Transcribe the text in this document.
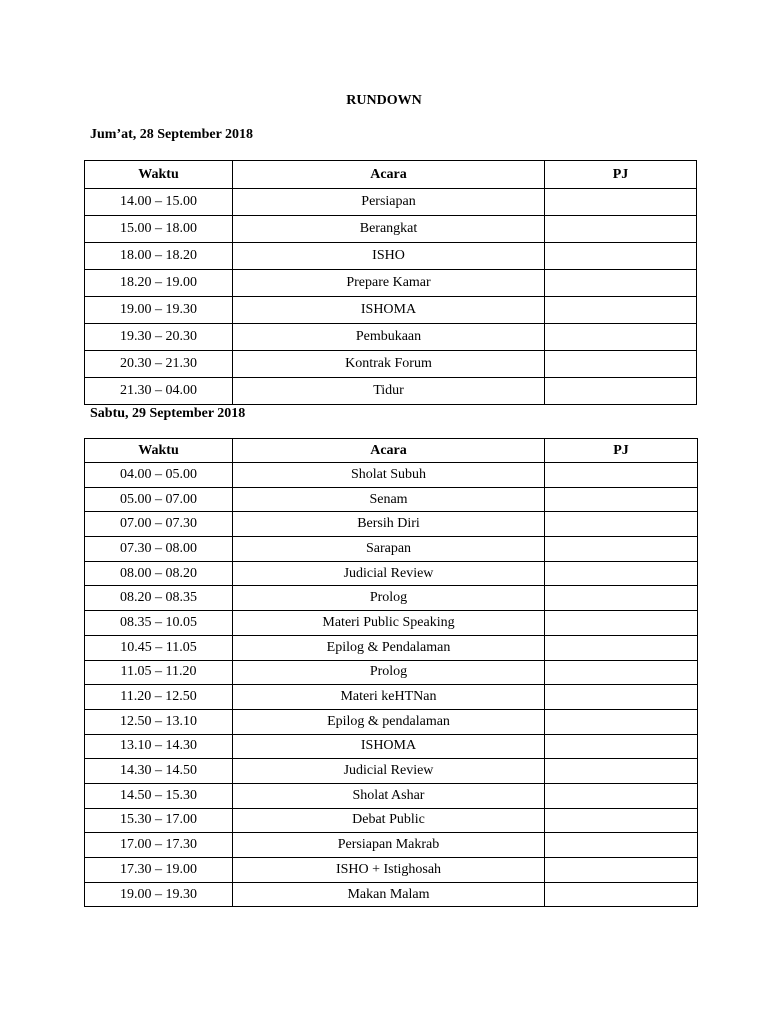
RUNDOWN
Jum’at, 28 September 2018
Waktu	Acara	PJ
14.00 – 15.00	Persiapan	
15.00 – 18.00	Berangkat	
18.00 – 18.20	ISHO	
18.20 – 19.00	Prepare Kamar	
19.00 – 19.30	ISHOMA	
19.30 – 20.30	Pembukaan	
20.30 – 21.30	Kontrak Forum	
21.30 – 04.00	Tidur	
Sabtu, 29 September 2018
Waktu	Acara	PJ
04.00 – 05.00	Sholat Subuh	
05.00 – 07.00	Senam	
07.00 – 07.30	Bersih Diri	
07.30 – 08.00	Sarapan	
08.00 – 08.20	Judicial Review	
08.20 – 08.35	Prolog	
08.35 – 10.05	Materi Public Speaking	
10.45 – 11.05	Epilog & Pendalaman	
11.05 – 11.20	Prolog	
11.20 – 12.50	Materi keHTNan	
12.50 – 13.10	Epilog & pendalaman	
13.10 – 14.30	ISHOMA	
14.30 – 14.50	Judicial Review	
14.50 – 15.30	Sholat Ashar	
15.30 – 17.00	Debat Public	
17.00 – 17.30	Persiapan Makrab	
17.30 – 19.00	ISHO + Istighosah	
19.00 – 19.30	Makan Malam	
